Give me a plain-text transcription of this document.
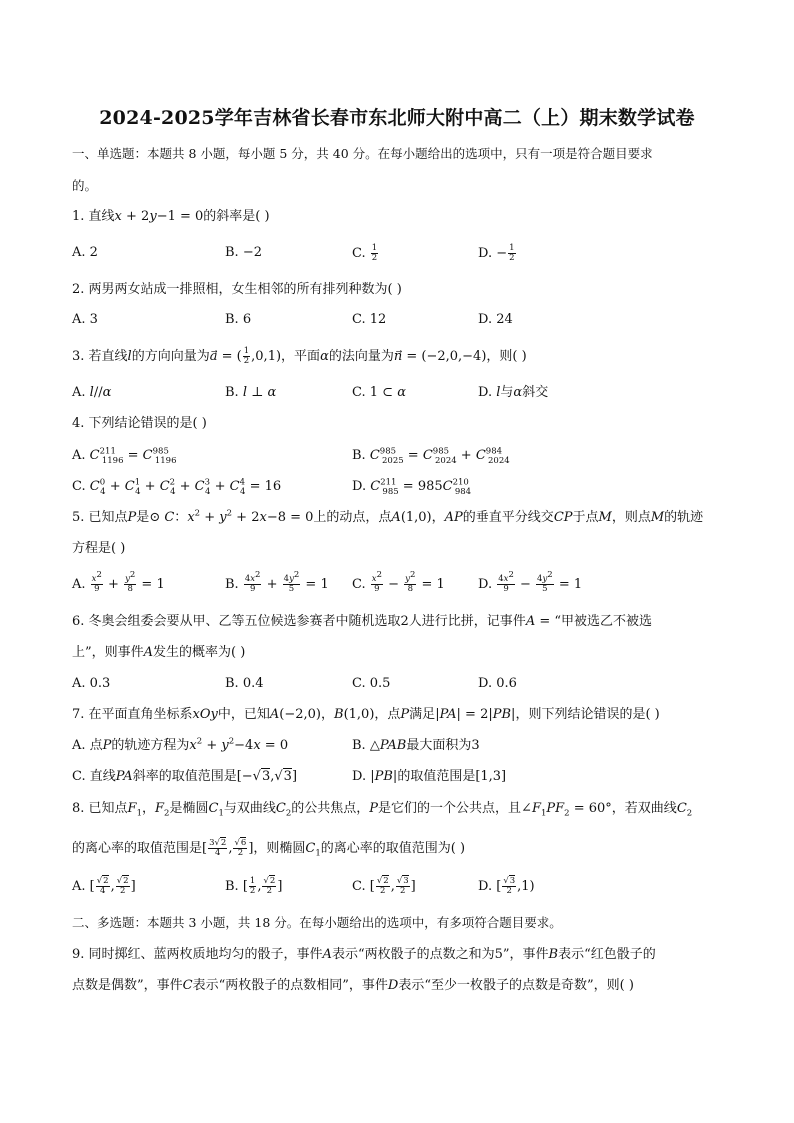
2024-2025学年吉林省长春市东北师大附中高二（上）期末数学试卷
一、单选题：本题共 8 小题，每小题 5 分，共 40 分。在每小题给出的选项中，只有一项是符合题目要求
的。
1. 直线x + 2y−1 = 0的斜率是( )
A. 2	B. −2	C. $\frac{1}{2}$	D. − $\frac{1}{2}$
2. 两男两女站成一排照相，女生相邻的所有排列种数为( )
A. 3	B. 6	C. 12	D. 24
3. 若直线l的方向向量为a⃗ = ( $\frac{1}{2} ,0,1$)，平面α的法向量为n⃗ = (−2,0,−4)，则( )
A. l//α	B. l ⊥ α	C. 1 ⊂ α	D. l与α斜交
4. 下列结论错误的是( )
A. $C^{211}_{1196} = C^{985}_{1196}$	B. $C^{985}_{2025} = C^{985}_{2024} + C^{984}_{2024}$
C. $C^0_4 + C^1_4 + C^2_4 + C^3_4 + C^4_4 = 16$	D. $C^{211}_{985} = 985C^{210}_{984}$
5. 已知点P是⊙ C：$x^2 + y^2 + 2x-8 = 0$上的动点，点A(1,0)，AP的垂直平分线交CP于点M，则点M的轨迹
方程是( )
A. $\frac{x^2}{9} + \frac{y^2}{8} = 1$	B. $\frac{4x^2}{9} + \frac{4y^2}{5} = 1$ C. $\frac{x^2}{9} - \frac{y^2}{8} = 1$	D. $\frac{4x^2}{9} - \frac{4y^2}{5} = 1$
6. 冬奥会组委会要从甲、乙等五位候选参赛者中随机选取2人进行比拼，记事件A = “甲被选乙不被选
上”，则事件A发生的概率为( )
A. 0.3	B. 0.4	C. 0.5	D. 0.6
7. 在平面直角坐标系xOy中，已知A(−2,0)，B(1,0)，点P满足|PA| = 2|PB|，则下列结论错误的是( )
A. 点P的轨迹方程为$x^2 + y^2-4x = 0$	B. △PAB最大面积为3
C. 直线PA斜率的取值范围是[−√3,√3]	D. |PB|的取值范围是[1,3]
8. 已知点$F_1$，$F_2$是椭圆$C_1$与双曲线$C_2$的公共焦点，P是它们的一个公共点，且$\angle F_1PF_2 = 60^\circ$，若双曲线$C_2$
的离心率的取值范围是[ $\frac{3√2}{4}$ , $\frac{√6}{2}$ ]，则椭圆$C_1$的离心率的取值范围为( )
A. [ $\frac{√2}{4}$ , $\frac{√2}{2}$ ]	B. [ $\frac{1}{2}$ , $\frac{√2}{2}$ ]	C. [ $\frac{√2}{2}$ , $\frac{√3}{2}$ ]	D. [ $\frac{√3}{2} ,1$)
二、多选题：本题共 3 小题，共 18 分。在每小题给出的选项中，有多项符合题目要求。
9. 同时掷红、蓝两枚质地均匀的骰子，事件A表示“两枚骰子的点数之和为5”，事件B表示“红色骰子的
点数是偶数”，事件C表示“两枚骰子的点数相同”，事件D表示“至少一枚骰子的点数是奇数”，则( )
